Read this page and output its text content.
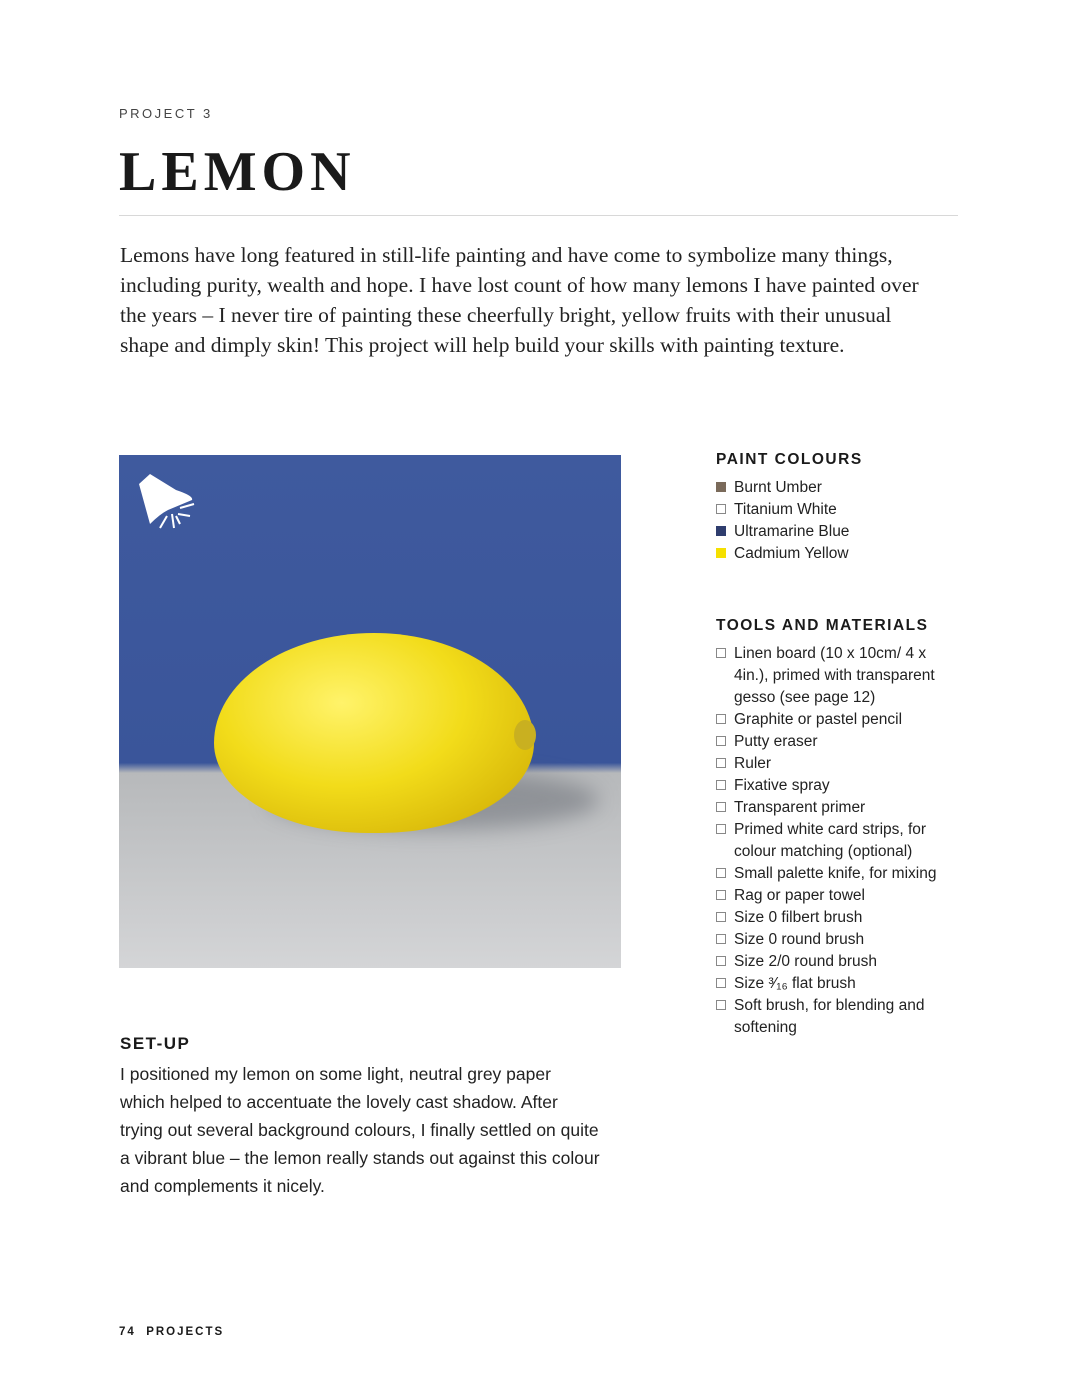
PROJECT 3
LEMON

Lemons have long featured in still-life painting and have come to symbolize many things, including purity, wealth and hope. I have lost count of how many lemons I have painted over the years – I never tire of painting these cheerfully bright, yellow fruits with their unusual shape and dimply skin! This project will help build your skills with painting texture.

PAINT COLOURS
Burnt Umber
Titanium White
Ultramarine Blue
Cadmium Yellow
TOOLS AND MATERIALS
Linen board (10 x 10cm/ 4 x 4in.), primed with transparent gesso (see page 12)
Graphite or pastel pencil
Putty eraser
Ruler
Fixative spray
Transparent primer
Primed white card strips, for colour matching (optional)
Small palette knife, for mixing
Rag or paper towel
Size 0 filbert brush
Size 0 round brush
Size 2/0 round brush
Size ³⁄₁₆ flat brush
Soft brush, for blending and softening
SET-UP

I positioned my lemon on some light, neutral grey paper which helped to accentuate the lovely cast shadow. After trying out several background colours, I finally settled on quite a vibrant blue – the lemon really stands out against this colour and complements it nicely.

74 PROJECTS
